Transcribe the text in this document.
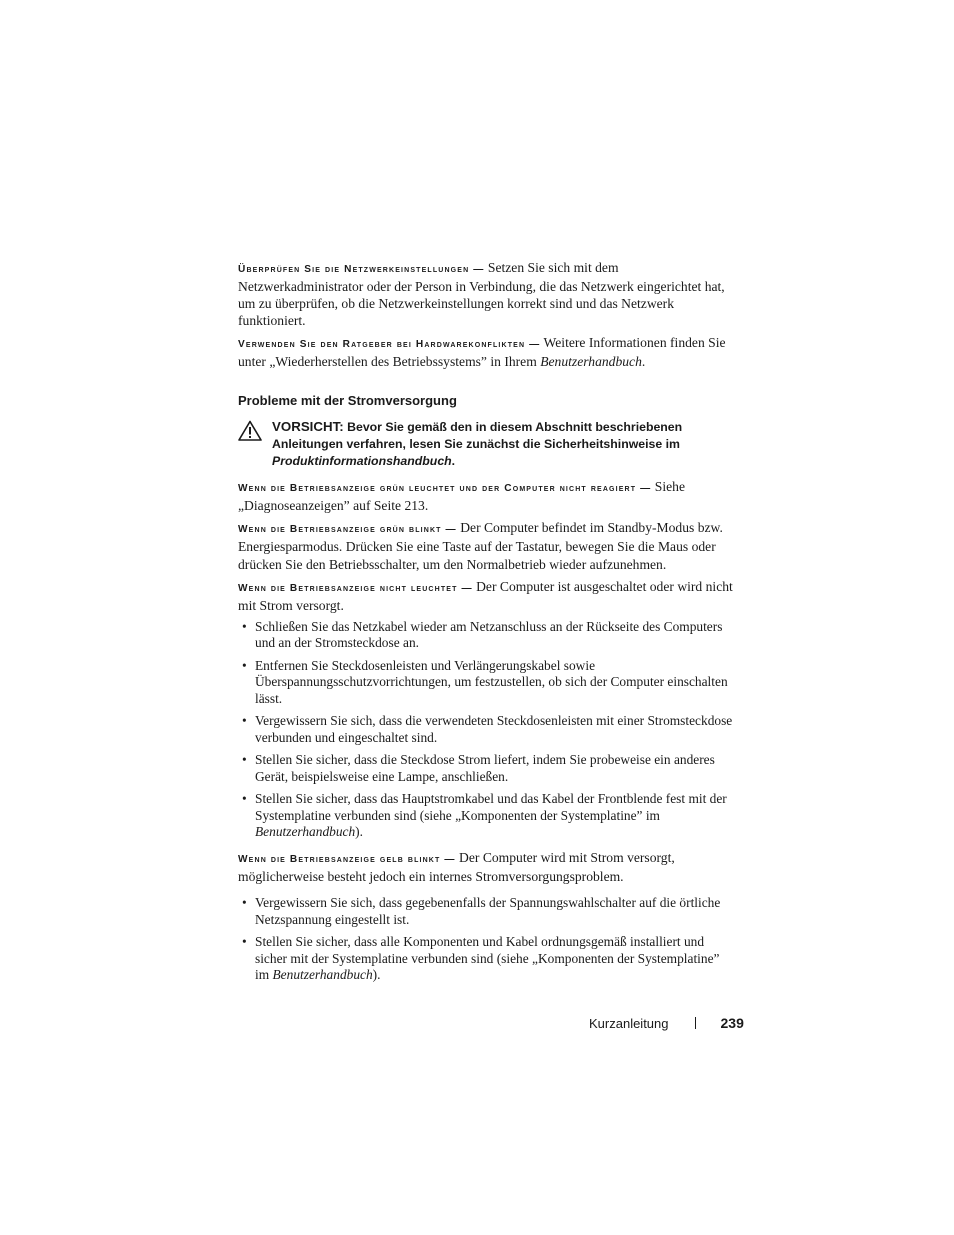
Überprüfen Sie die Netzwerkeinstellungen — Setzen Sie sich mit dem Netzwerkadministrator oder der Person in Verbindung, die das Netzwerk eingerichtet hat, um zu überprüfen, ob die Netzwerkeinstellungen korrekt sind und das Netzwerk funktioniert.

Verwenden Sie den Ratgeber bei Hardwarekonflikten — Weitere Informationen finden Sie unter „Wiederherstellen des Betriebssystems” in Ihrem Benutzerhandbuch.

Probleme mit der Stromversorgung
VORSICHT: Bevor Sie gemäß den in diesem Abschnitt beschriebenen Anleitungen verfahren, lesen Sie zunächst die Sicherheitshinweise im Produktinformationshandbuch.

Wenn die Betriebsanzeige grün leuchtet und der Computer nicht reagiert — Siehe „Diagnoseanzeigen” auf Seite 213.

Wenn die Betriebsanzeige grün blinkt — Der Computer befindet im Standby-Modus bzw. Energiesparmodus. Drücken Sie eine Taste auf der Tastatur, bewegen Sie die Maus oder drücken Sie den Betriebsschalter, um den Normalbetrieb wieder aufzunehmen.

Wenn die Betriebsanzeige nicht leuchtet — Der Computer ist ausgeschaltet oder wird nicht mit Strom versorgt.

• Schließen Sie das Netzkabel wieder am Netzanschluss an der Rückseite des Computers und an der Stromsteckdose an.
• Entfernen Sie Steckdosenleisten und Verlängerungskabel sowie Überspannungsschutzvorrichtungen, um festzustellen, ob sich der Computer einschalten lässt.
• Vergewissern Sie sich, dass die verwendeten Steckdosenleisten mit einer Stromsteckdose verbunden und eingeschaltet sind.
• Stellen Sie sicher, dass die Steckdose Strom liefert, indem Sie probeweise ein anderes Gerät, beispielsweise eine Lampe, anschließen.
• Stellen Sie sicher, dass das Hauptstromkabel und das Kabel der Frontblende fest mit der Systemplatine verbunden sind (siehe „Komponenten der Systemplatine” im Benutzerhandbuch).

Wenn die Betriebsanzeige gelb blinkt — Der Computer wird mit Strom versorgt, möglicherweise besteht jedoch ein internes Stromversorgungsproblem.

• Vergewissern Sie sich, dass gegebenenfalls der Spannungswahlschalter auf die örtliche Netzspannung eingestellt ist.
• Stellen Sie sicher, dass alle Komponenten und Kabel ordnungsgemäß installiert und sicher mit der Systemplatine verbunden sind (siehe „Komponenten der Systemplatine” im Benutzerhandbuch).
Kurzanleitung	239
